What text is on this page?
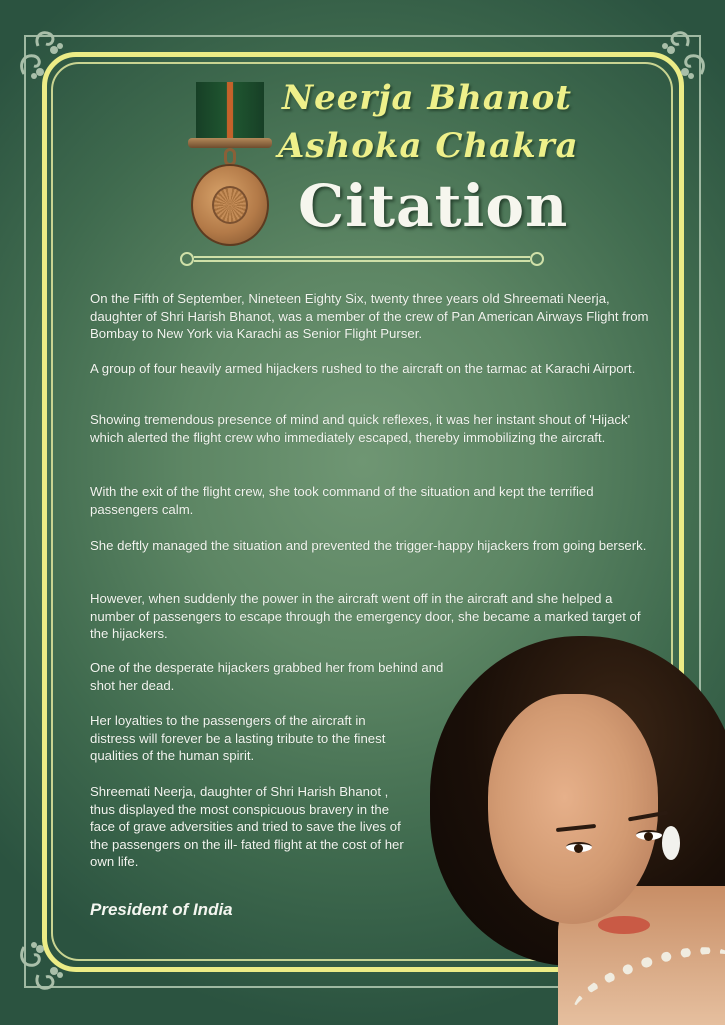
Neerja Bhanot
Ashoka Chakra
Citation

On the Fifth of September, Nineteen Eighty Six, twenty three years old Shreemati Neerja, daughter of Shri Harish Bhanot, was a member of the crew of Pan American Airways Flight from Bombay to New York via Karachi as Senior Flight Purser.

A group of four heavily armed hijackers rushed to the aircraft on the tarmac at Karachi Airport.

Showing tremendous presence of mind and quick reflexes, it was her instant shout of 'Hijack' which alerted the flight crew who immediately escaped, thereby immobilizing the aircraft.

With the exit of the flight crew, she took command of the situation and kept the terrified passengers calm.

She deftly managed the situation and prevented the trigger-happy hijackers from going berserk.

However, when suddenly the power in the aircraft went off in the aircraft and she helped a number of passengers to escape through the emergency door, she became a marked target of the hijackers.

One of the desperate hijackers grabbed her from behind and shot her dead.

Her loyalties to the passengers of the aircraft in distress will forever be a lasting tribute to the finest qualities of the human spirit.

Shreemati Neerja, daughter of Shri Harish Bhanot , thus displayed the most conspicuous bravery in the face of grave adversities and tried to save the lives of the passengers on the ill- fated flight at the cost of her own life.

President of India
